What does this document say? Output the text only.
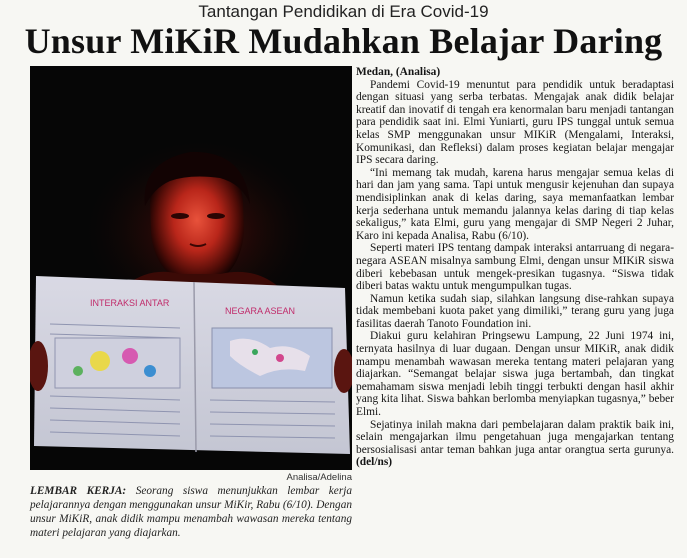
Tantangan Pendidikan di Era Covid-19
Unsur MiKiR Mudahkan Belajar Daring
INTERAKSI ANTAR
NEGARA ASEAN
Analisa/Adelina
LEMBAR KERJA: Seorang siswa menunjukkan lembar kerja pelajarannya dengan menggunakan unsur MiKir, Rabu (6/10). Dengan unsur MiKiR, anak didik mampu menambah wawasan mereka tentang materi pelajaran yang diajarkan.

Medan, (Analisa)

Pandemi Covid-19 menuntut para pendidik untuk beradaptasi dengan situasi yang serba terbatas. Mengajak anak didik belajar kreatif dan inovatif di tengah era kenormalan baru menjadi tantangan para pendidik saat ini. Elmi Yuniarti, guru IPS tunggal untuk semua kelas SMP menggunakan unsur MIKiR (Mengalami, Interaksi, Komunikasi, dan Refleksi) dalam proses kegiatan belajar mengajar IPS secara daring.

“Ini memang tak mudah, karena harus mengajar semua kelas di hari dan jam yang sama. Tapi untuk mengusir kejenuhan dan supaya mendisiplinkan anak di kelas daring, saya memanfaatkan lembar kerja sederhana untuk memandu jalannya kelas daring di tiap kelas sekaligus,” kata Elmi, guru yang mengajar di SMP Negeri 2 Juhar, Karo ini kepada Analisa, Rabu (6/10).

Seperti materi IPS tentang dampak interaksi antarruang di negara-negara ASEAN misalnya sambung Elmi, dengan unsur MIKiR siswa diberi kebebasan untuk mengek-presikan tugasnya. “Siswa tidak diberi batas waktu untuk mengumpulkan tugas.

Namun ketika sudah siap, silahkan langsung dise-rahkan supaya tidak membebani kuota paket yang dimiliki,” terang guru yang juga fasilitas daerah Tanoto Foundation ini.

Diakui guru kelahiran Pringsewu Lampung, 22 Juni 1974 ini, ternyata hasilnya di luar dugaan. Dengan unsur MIKiR, anak didik mampu menambah wawasan mereka tentang materi pelajaran yang diajarkan. “Semangat belajar siswa juga bertambah, dan tingkat pemahamam siswa menjadi lebih tinggi terbukti dengan hasil akhir yang kita lihat. Siswa bahkan berlomba menyiapkan tugasnya,” beber Elmi.

Sejatinya inilah makna dari pembelajaran dalam praktik baik ini, selain mengajarkan ilmu pengetahuan juga mengajarkan tentang bersosialisasi antar teman bahkan juga antar orangtua serta gurunya. (del/ns)
